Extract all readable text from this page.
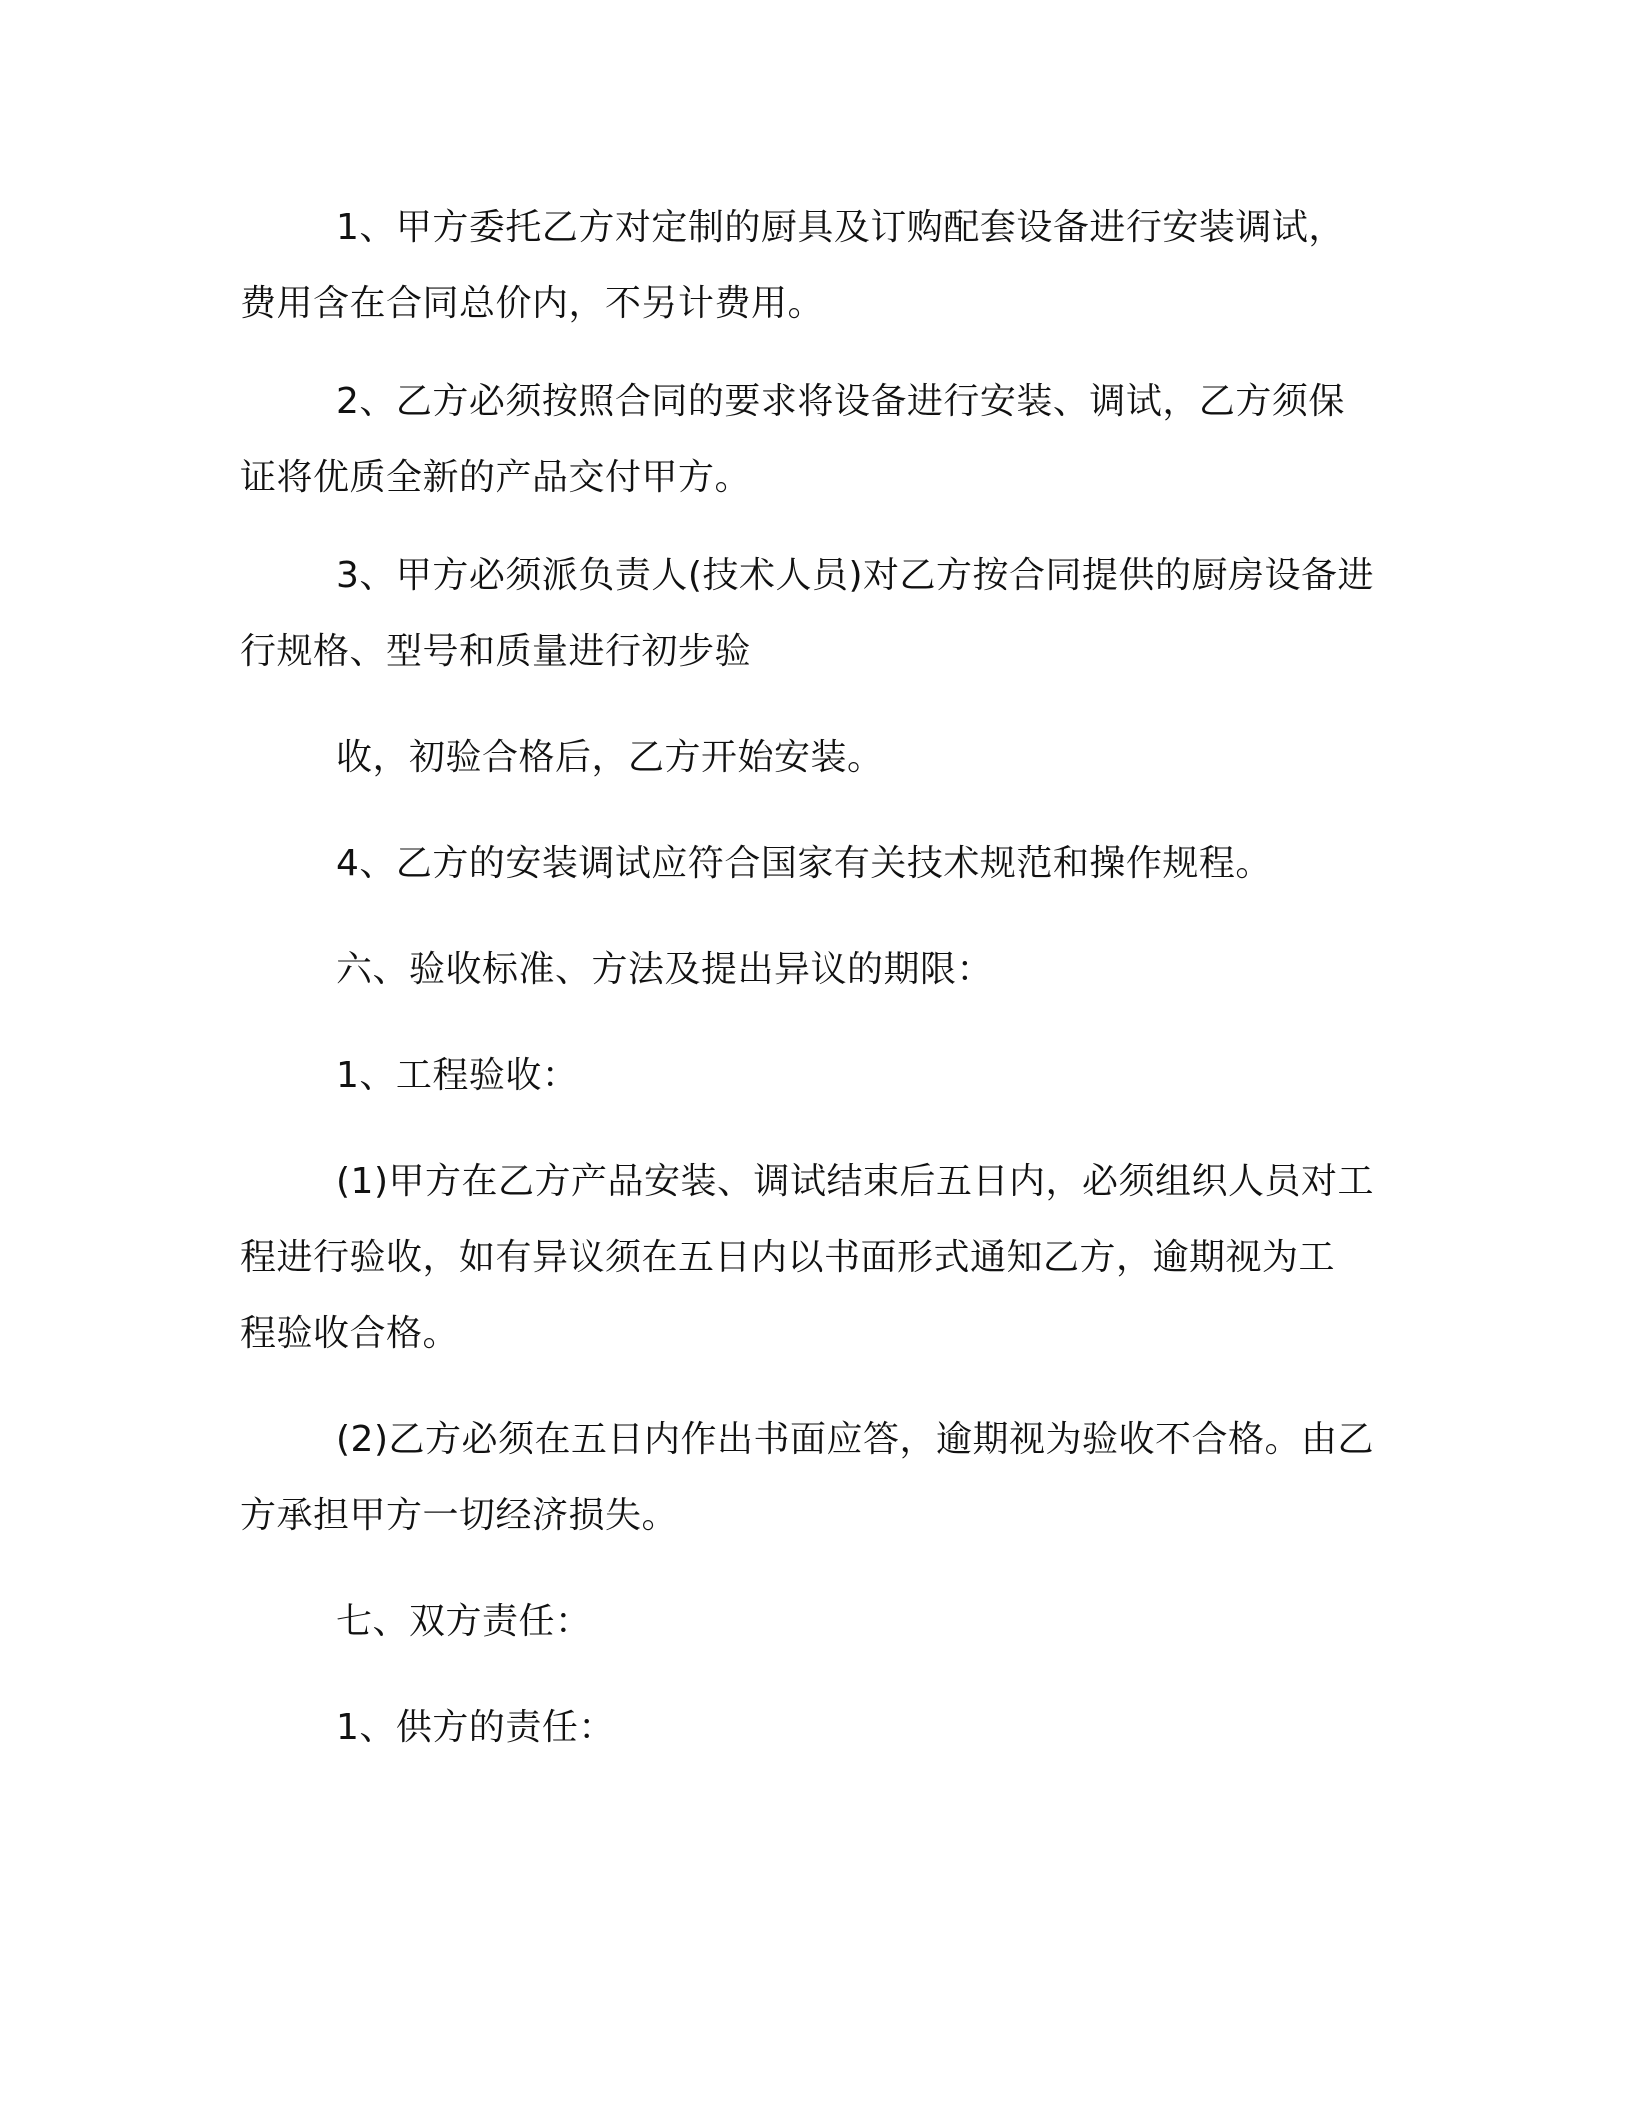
1、甲方委托乙方对定制的厨具及订购配套设备进行安装调试，
费用含在合同总价内，不另计费用。

2、乙方必须按照合同的要求将设备进行安装、调试，乙方须保
证将优质全新的产品交付甲方。

3、甲方必须派负责人(技术人员)对乙方按合同提供的厨房设备进
行规格、型号和质量进行初步验

收，初验合格后，乙方开始安装。

4、乙方的安装调试应符合国家有关技术规范和操作规程。

六、验收标准、方法及提出异议的期限：

1、工程验收：

(1)甲方在乙方产品安装、调试结束后五日内，必须组织人员对工
程进行验收，如有异议须在五日内以书面形式通知乙方，逾期视为工
程验收合格。

(2)乙方必须在五日内作出书面应答，逾期视为验收不合格。由乙
方承担甲方一切经济损失。

七、双方责任：

1、供方的责任：
